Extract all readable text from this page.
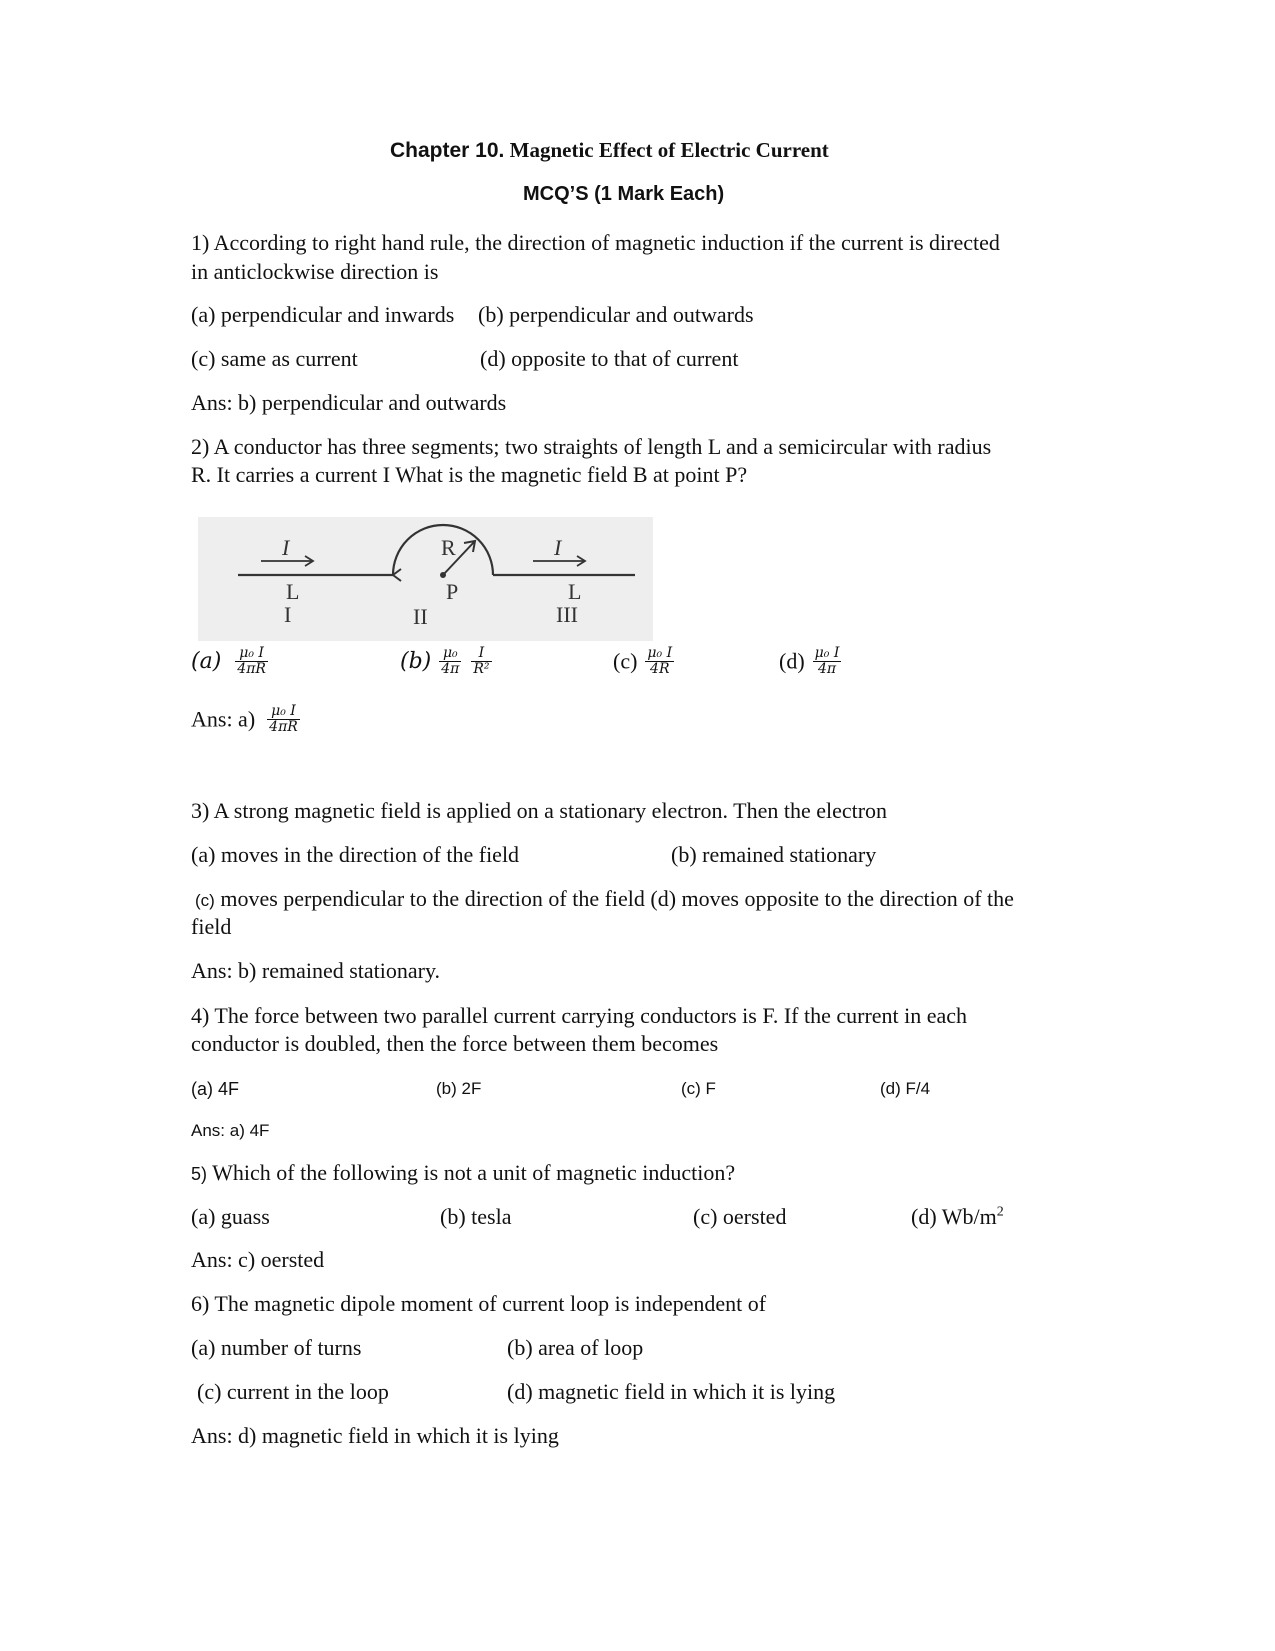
Chapter 10. Magnetic Effect of Electric Current
MCQ’S (1 Mark Each)
1) According to right hand rule, the direction of magnetic induction if the current is directed
in anticlockwise direction is
(a) perpendicular and inwards (b) perpendicular and outwards
(c) same as current	(d) opposite to that of current
Ans: b) perpendicular and outwards
2) A conductor has three segments; two straights of length L and a semicircular with radius
R. It carries a current I What is the magnetic field B at point P?
I	I
R
P
L	L
I	II	III
$(a) \frac{\text{μ₀ I}}{4\pi R}$	$(b) \frac{\text{μ₀}}{4\pi}$
$\frac{I}{\text{R²}}$	$(c) \frac{\text{μ₀ I}}{4R}$	$(d) \frac{\text{μ₀ I}}{4\pi}$
Ans: $a) \frac{\text{μ₀ I}}{4\pi R}$
3) A strong magnetic field is applied on a stationary electron. Then the electron
(a) moves in the direction of the field	(b) remained stationary
(c) moves perpendicular to the direction of the field (d) moves opposite to the direction of the
field
Ans: b) remained stationary.
4) The force between two parallel current carrying conductors is F. If the current in each
conductor is doubled, then the force between them becomes
(a) 4F	(b) 2F	(c) F	(d) F/4
Ans: a) 4F
5) Which of the following is not a unit of magnetic induction?
(a) guass	(b) tesla	(c) oersted	(d) $Wb/m^2$
Ans: c) oersted
6) The magnetic dipole moment of current loop is independent of
(a) number of turns	(b) area of loop
(c) current in the loop	(d) magnetic field in which it is lying
Ans: d) magnetic field in which it is lying
